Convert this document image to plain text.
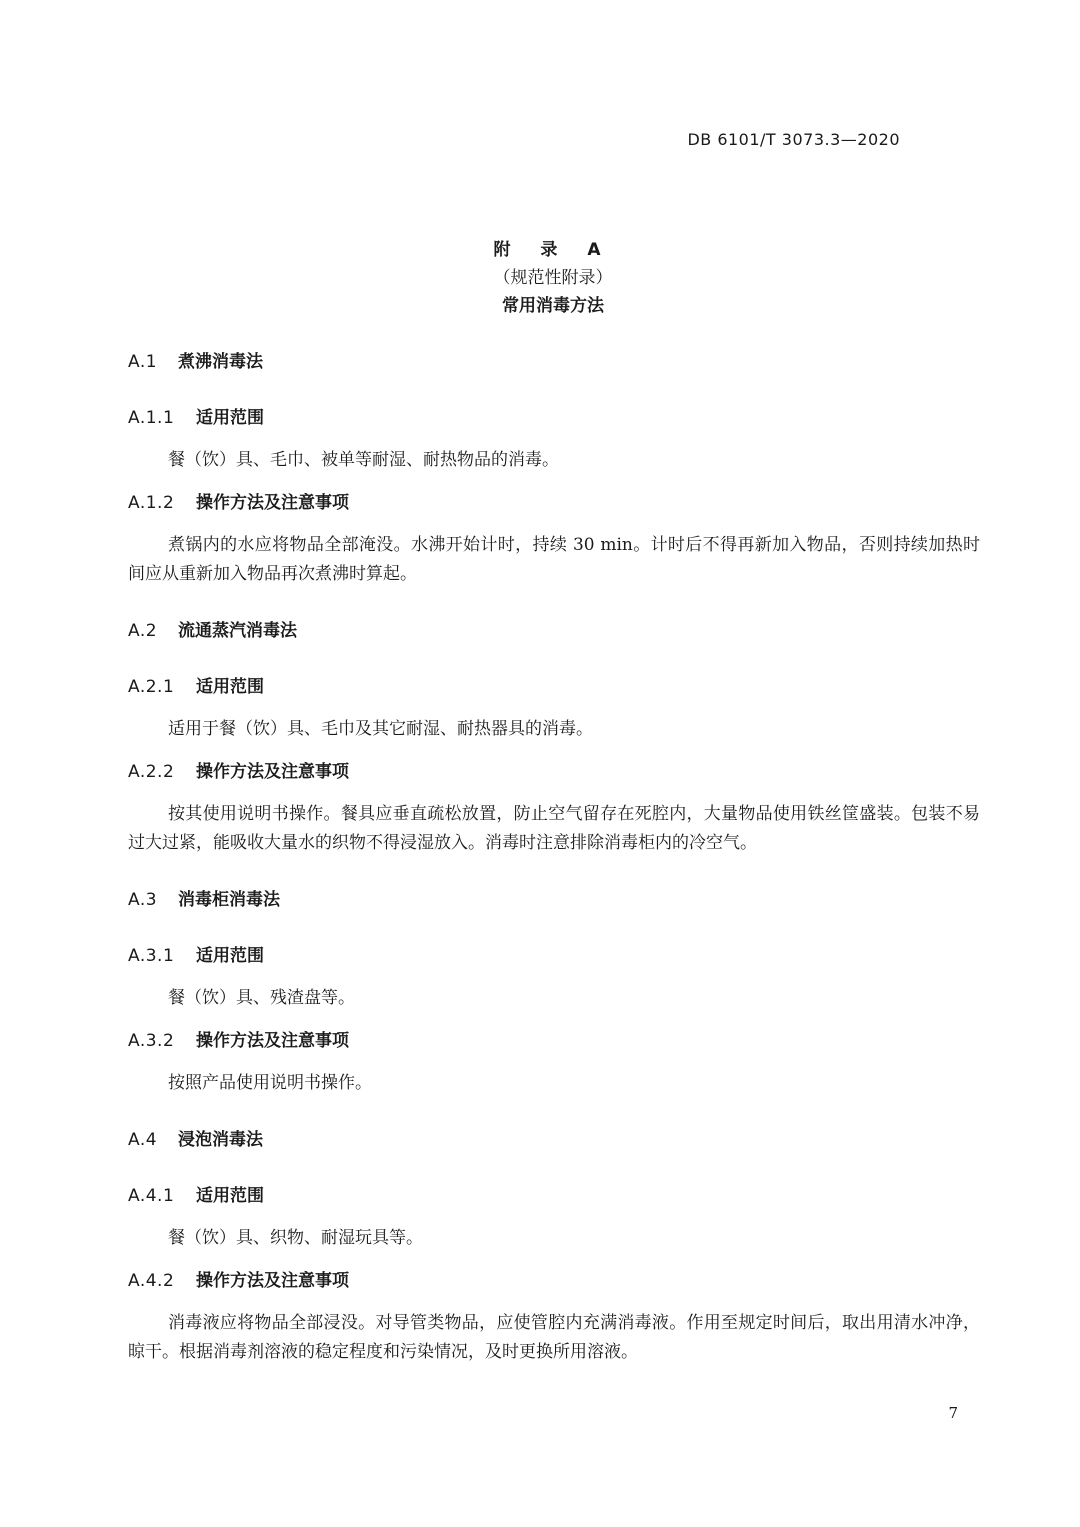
DB 6101/T 3073.3—2020
附 录 A
（规范性附录）
常用消毒方法
A.1 煮沸消毒法
A.1.1 适用范围
餐（饮）具、毛巾、被单等耐湿、耐热物品的消毒。
A.1.2 操作方法及注意事项
煮锅内的水应将物品全部淹没。水沸开始计时，持续 30 min。计时后不得再新加入物品，否则持续加热时间应从重新加入物品再次煮沸时算起。
A.2 流通蒸汽消毒法
A.2.1 适用范围
适用于餐（饮）具、毛巾及其它耐湿、耐热器具的消毒。
A.2.2 操作方法及注意事项
按其使用说明书操作。餐具应垂直疏松放置，防止空气留存在死腔内，大量物品使用铁丝筐盛装。包装不易过大过紧，能吸收大量水的织物不得浸湿放入。消毒时注意排除消毒柜内的冷空气。
A.3 消毒柜消毒法
A.3.1 适用范围
餐（饮）具、残渣盘等。
A.3.2 操作方法及注意事项
按照产品使用说明书操作。
A.4 浸泡消毒法
A.4.1 适用范围
餐（饮）具、织物、耐湿玩具等。
A.4.2 操作方法及注意事项
消毒液应将物品全部浸没。对导管类物品，应使管腔内充满消毒液。作用至规定时间后，取出用清水冲净，晾干。根据消毒剂溶液的稳定程度和污染情况，及时更换所用溶液。
7
